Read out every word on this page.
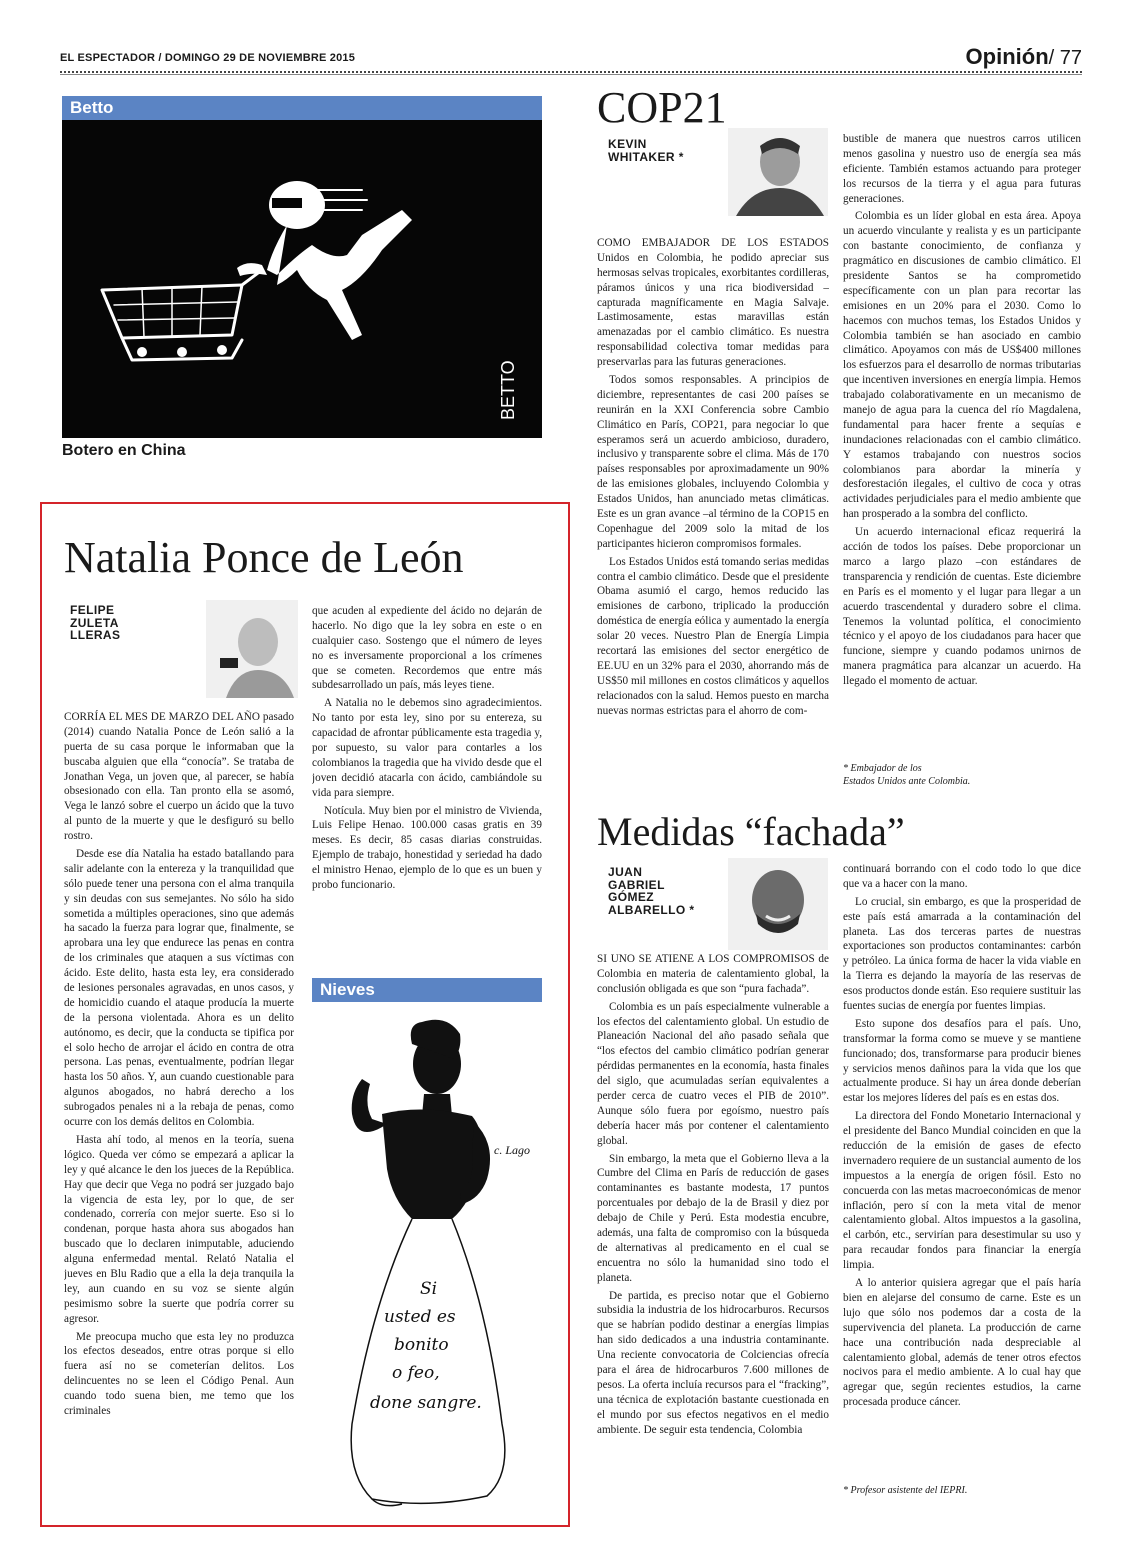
EL ESPECTADOR / DOMINGO 29 DE NOVIEMBRE 2015	Opinión/ 77
Betto
BETTO
Botero en China
Natalia Ponce de León
FELIPE
ZULETA
LLERAS

CORRÍA EL MES DE MARZO DEL AÑO pasado (2014) cuando Natalia Ponce de León salió a la puerta de su casa porque le informaban que la buscaba alguien que ella “conocía”. Se trataba de Jonathan Vega, un joven que, al parecer, se había obsesionado con ella. Tan pronto ella se asomó, Vega le lanzó sobre el cuerpo un ácido que la tuvo al punto de la muerte y que le desfiguró su bello rostro.

Desde ese día Natalia ha estado batallando para salir adelante con la entereza y la tranquilidad que sólo puede tener una persona con el alma tranquila y sin deudas con sus semejantes. No sólo ha sido sometida a múltiples operaciones, sino que además ha sacado la fuerza para lograr que, finalmente, se aprobara una ley que endurece las penas en contra de los criminales que ataquen a sus víctimas con ácido. Este delito, hasta esta ley, era considerado de lesiones personales agravadas, en unos casos, y de homicidio cuando el ataque producía la muerte de la persona violentada. Ahora es un delito autónomo, es decir, que la conducta se tipifica por el solo hecho de arrojar el ácido en contra de otra persona. Las penas, eventualmente, podrían llegar hasta los 50 años. Y, aun cuando cuestionable para algunos abogados, no habrá derecho a los subrogados penales ni a la rebaja de penas, como ocurre con los demás delitos en Colombia.

Hasta ahí todo, al menos en la teoría, suena lógico. Queda ver cómo se empezará a aplicar la ley y qué alcance le den los jueces de la República. Hay que decir que Vega no podrá ser juzgado bajo la vigencia de esta ley, por lo que, de ser condenado, correría con mejor suerte. Eso si lo condenan, porque hasta ahora sus abogados han buscado que lo declaren inimputable, aduciendo alguna enfermedad mental. Relató Natalia el jueves en Blu Radio que a ella la deja tranquila la ley, aun cuando en su voz se siente algún pesimismo sobre la suerte que podría correr su agresor.

Me preocupa mucho que esta ley no produzca los efectos deseados, entre otras porque si ello fuera así no se cometerían delitos. Los delincuentes no se leen el Código Penal. Aun cuando todo suena bien, me temo que los criminales

que acuden al expediente del ácido no dejarán de hacerlo. No digo que la ley sobra en este o en cualquier caso. Sostengo que el número de leyes no es inversamente proporcional a los crímenes que se cometen. Recordemos que entre más subdesarrollado un país, más leyes tiene.

A Natalia no le debemos sino agradecimientos. No tanto por esta ley, sino por su entereza, su capacidad de afrontar públicamente esta tragedia y, por supuesto, su valor para contarles a los colombianos la tragedia que ha vivido desde que el joven decidió atacarla con ácido, cambiándole su vida para siempre.

Notícula. Muy bien por el ministro de Vivienda, Luis Felipe Henao. 100.000 casas gratis en 39 meses. Es decir, 85 casas diarias construidas. Ejemplo de trabajo, honestidad y seriedad ha dado el ministro Henao, ejemplo de lo que es un buen y probo funcionario.

Nieves
c. Lago
Si
usted es
bonito
o feo,
done sangre.
COP21
KEVIN
WHITAKER *

COMO EMBAJADOR DE LOS ESTADOS Unidos en Colombia, he podido apreciar sus hermosas selvas tropicales, exorbitantes cordilleras, páramos únicos y una rica biodiversidad –capturada magníficamente en Magia Salvaje. Lastimosamente, estas maravillas están amenazadas por el cambio climático. Es nuestra responsabilidad colectiva tomar medidas para preservarlas para las futuras generaciones.

Todos somos responsables. A principios de diciembre, representantes de casi 200 países se reunirán en la XXI Conferencia sobre Cambio Climático en París, COP21, para negociar lo que esperamos será un acuerdo ambicioso, duradero, inclusivo y transparente sobre el clima. Más de 170 países responsables por aproximadamente un 90% de las emisiones globales, incluyendo Colombia y Estados Unidos, han anunciado metas climáticas. Este es un gran avance –al término de la COP15 en Copenhague del 2009 solo la mitad de los participantes hicieron compromisos formales.

Los Estados Unidos está tomando serias medidas contra el cambio climático. Desde que el presidente Obama asumió el cargo, hemos reducido las emisiones de carbono, triplicado la producción doméstica de energía eólica y aumentado la energía solar 20 veces. Nuestro Plan de Energía Limpia recortará las emisiones del sector energético de EE.UU en un 32% para el 2030, ahorrando más de US$50 mil millones en costos climáticos y aquellos relacionados con la salud. Hemos puesto en marcha nuevas normas estrictas para el ahorro de com-

bustible de manera que nuestros carros utilicen menos gasolina y nuestro uso de energía sea más eficiente. También estamos actuando para proteger los recursos de la tierra y el agua para futuras generaciones.

Colombia es un líder global en esta área. Apoya un acuerdo vinculante y realista y es un participante con bastante conocimiento, de confianza y pragmático en discusiones de cambio climático. El presidente Santos se ha comprometido específicamente con un plan para recortar las emisiones en un 20% para el 2030. Como lo hacemos con muchos temas, los Estados Unidos y Colombia también se han asociado en cambio climático. Apoyamos con más de US$400 millones los esfuerzos para el desarrollo de normas tributarias que incentiven inversiones en energía limpia. Hemos trabajado colaborativamente en un mecanismo de manejo de agua para la cuenca del río Magdalena, fundamental para hacer frente a sequías e inundaciones relacionadas con el cambio climático. Y estamos trabajando con nuestros socios colombianos para abordar la minería y desforestación ilegales, el cultivo de coca y otras actividades perjudiciales para el medio ambiente que han prosperado a la sombra del conflicto.

Un acuerdo internacional eficaz requerirá la acción de todos los países. Debe proporcionar un marco a largo plazo –con estándares de transparencia y rendición de cuentas. Este diciembre en París es el momento y el lugar para llegar a un acuerdo trascendental y duradero sobre el clima. Tenemos la voluntad política, el conocimiento técnico y el apoyo de los ciudadanos para hacer que funcione, siempre y cuando podamos unirnos de manera pragmática para alcanzar un acuerdo. Ha llegado el momento de actuar.

* Embajador de los
Estados Unidos ante Colombia.
Medidas “fachada”
JUAN
GABRIEL
GÓMEZ
ALBARELLO *

SI UNO SE ATIENE A LOS COMPROMISOS de Colombia en materia de calentamiento global, la conclusión obligada es que son “pura fachada”.

Colombia es un país especialmente vulnerable a los efectos del calentamiento global. Un estudio de Planeación Nacional del año pasado señala que “los efectos del cambio climático podrían generar pérdidas permanentes en la economía, hasta finales del siglo, que acumuladas serían equivalentes a perder cerca de cuatro veces el PIB de 2010”. Aunque sólo fuera por egoísmo, nuestro país debería hacer más por contener el calentamiento global.

Sin embargo, la meta que el Gobierno lleva a la Cumbre del Clima en París de reducción de gases contaminantes es bastante modesta, 17 puntos porcentuales por debajo de la de Brasil y diez por debajo de Chile y Perú. Esta modestia encubre, además, una falta de compromiso con la búsqueda de alternativas al predicamento en el cual se encuentra no sólo la humanidad sino todo el planeta.

De partida, es preciso notar que el Gobierno subsidia la industria de los hidrocarburos. Recursos que se habrían podido destinar a energías limpias han sido dedicados a una industria contaminante. Una reciente convocatoria de Colciencias ofrecía para el área de hidrocarburos 7.600 millones de pesos. La oferta incluía recursos para el “fracking”, una técnica de explotación bastante cuestionada en el mundo por sus efectos negativos en el medio ambiente. De seguir esta tendencia, Colombia

continuará borrando con el codo todo lo que dice que va a hacer con la mano.

Lo crucial, sin embargo, es que la prosperidad de este país está amarrada a la contaminación del planeta. Las dos terceras partes de nuestras exportaciones son productos contaminantes: carbón y petróleo. La única forma de hacer la vida viable en la Tierra es dejando la mayoría de las reservas de esos productos donde están. Eso requiere sustituir las fuentes sucias de energía por fuentes limpias.

Esto supone dos desafíos para el país. Uno, transformar la forma como se mueve y se mantiene funcionado; dos, transformarse para producir bienes y servicios menos dañinos para la vida que los que actualmente produce. Si hay un área donde deberían estar los mejores líderes del país es en estas dos.

La directora del Fondo Monetario Internacional y el presidente del Banco Mundial coinciden en que la reducción de la emisión de gases de efecto invernadero requiere de un sustancial aumento de los impuestos a la energía de origen fósil. Esto no concuerda con las metas macroeconómicas de menor inflación, pero sí con la meta vital de menor calentamiento global. Altos impuestos a la gasolina, el carbón, etc., servirían para desestimular su uso y para recaudar fondos para financiar la energía limpia.

A lo anterior quisiera agregar que el país haría bien en alejarse del consumo de carne. Este es un lujo que sólo nos podemos dar a costa de la supervivencia del planeta. La producción de carne hace una contribución nada despreciable al calentamiento global, además de tener otros efectos nocivos para el medio ambiente. A lo cual hay que agregar que, según recientes estudios, la carne procesada produce cáncer.

* Profesor asistente del IEPRI.
